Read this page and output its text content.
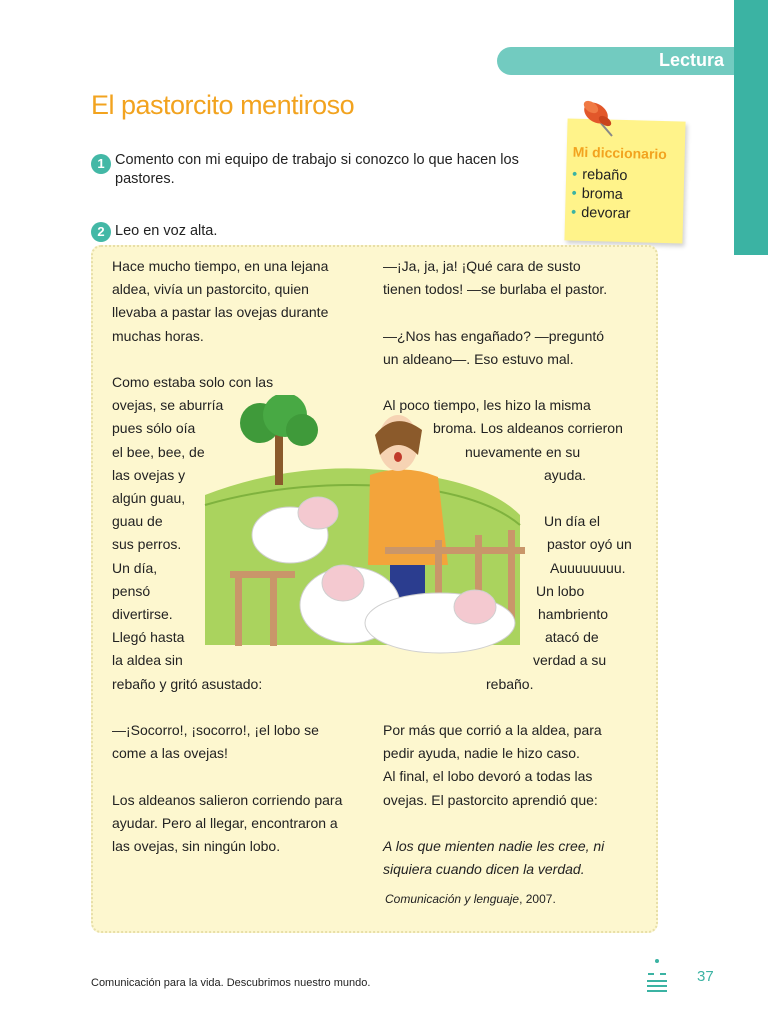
Lectura
El pastorcito mentiroso
1 Comento con mi equipo de trabajo si conozco lo que hacen los
pastores.
2 Leo en voz alta.
Mi diccionario
• rebaño
• broma
• devorar

Hace mucho tiempo, en una lejana

aldea, vivía un pastorcito, quien

llevaba a pastar las ovejas durante

muchas horas.

Como estaba solo con las

ovejas, se aburría

pues sólo oía

el bee, bee, de

las ovejas y

algún guau,

guau de

sus perros.

Un día,

pensó

divertirse.

Llegó hasta

la aldea sin

rebaño y gritó asustado:

—¡Socorro!, ¡socorro!, ¡el lobo se

come a las ovejas!

Los aldeanos salieron corriendo para

ayudar. Pero al llegar, encontraron a

las ovejas, sin ningún lobo.

—¡Ja, ja, ja! ¡Qué cara de susto

tienen todos! —se burlaba el pastor.

—¿Nos has engañado? —preguntó

un aldeano—. Eso estuvo mal.

Al poco tiempo, les hizo la misma

broma. Los aldeanos corrieron

nuevamente en su

ayuda.

Un día el

pastor oyó un

Auuuuuuuu.

Un lobo

hambriento

atacó de

verdad a su

rebaño.

Por más que corrió a la aldea, para

pedir ayuda, nadie le hizo caso.

Al final, el lobo devoró a todas las

ovejas. El pastorcito aprendió que:

A los que mienten nadie les cree, ni

siquiera cuando dicen la verdad.

Comunicación y lenguaje, 2007.
Comunicación para la vida. Descubrimos nuestro mundo.	37
